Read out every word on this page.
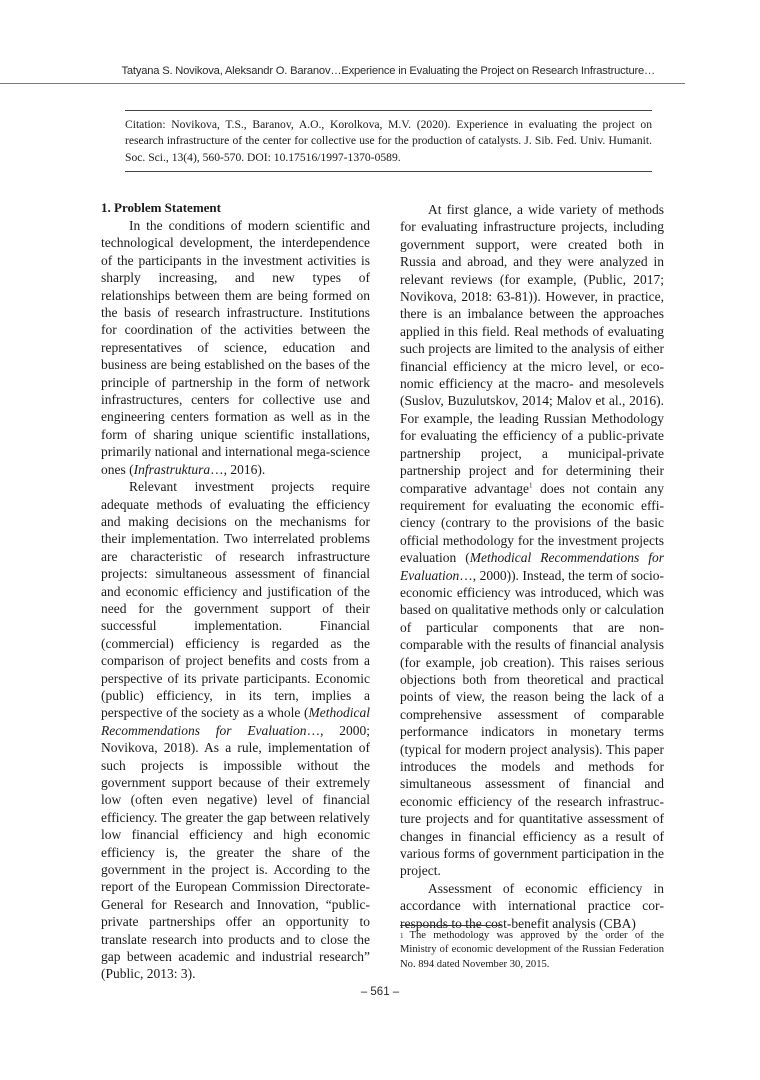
Tatyana S. Novikova, Aleksandr O. Baranov…Experience in Evaluating the Project on Research Infrastructure…
Citation: Novikova, T.S., Baranov, A.O., Korolkova, M.V. (2020). Experience in evaluating the project on research infrastructure of the center for collective use for the production of catalysts. J. Sib. Fed. Univ. Humanit. Soc. Sci., 13(4), 560-570. DOI: 10.17516/1997-1370-0589.
1. Problem Statement

In the conditions of modern scientific and technological development, the interdependence of the participants in the investment activities is sharply increasing, and new types of relationships between them are being formed on the basis of research infrastructure. Institutions for coordination of the activities between the representatives of science, education and business are being established on the bases of the principle of partnership in the form of network infrastructures, centers for collective use and engineering centers formation as well as in the form of sharing unique scientific installations, primarily national and international mega-science ones (Infrastruktura…, 2016).

Relevant investment projects require adequate methods of evaluating the efficiency and making decisions on the mechanisms for their implementation. Two interrelated problems are characteristic of research infrastructure projects: simultaneous assessment of financial and economic efficiency and justification of the need for the government support of their successful implementation. Financial (commercial) efficiency is regarded as the comparison of project benefits and costs from a perspective of its private participants. Economic (public) efficiency, in its tern, implies a perspective of the society as a whole (Methodical Recommendations for Evaluation…, 2000; Novikova, 2018). As a rule, implementation of such projects is impossible without the government support because of their extremely low (often even negative) level of financial efficiency. The greater the gap between relatively low financial efficiency and high economic efficiency is, the greater the share of the government in the project is. According to the report of the European Commission Directorate-General for Research and Innovation, “public-private partnerships offer an opportunity to translate research into products and to close the gap between academic and industrial research” (Public, 2013: 3).

At first glance, a wide variety of methods for evaluating infrastructure projects, including government support, were created both in Russia and abroad, and they were analyzed in relevant reviews (for example, (Public, 2017; Novikova, 2018: 63-81)). However, in practice, there is an imbalance between the approaches applied in this field. Real methods of evaluating such projects are limited to the analysis of either financial efficiency at the micro level, or economic efficiency at the macro- and mesolevels (Suslov, Buzulutskov, 2014; Malov et al., 2016). For example, the leading Russian Methodology for evaluating the efficiency of a public-private partnership project, a municipal-private partnership project and for determining their comparative advantage$^1$ does not contain any requirement for evaluating the economic efficiency (contrary to the provisions of the basic official methodology for the investment projects evaluation (Methodical Recommendations for Evaluation…, 2000)). Instead, the term of socio-economic efficiency was introduced, which was based on qualitative methods only or calculation of particular components that are non-comparable with the results of financial analysis (for example, job creation). This raises serious objections both from theoretical and practical points of view, the reason being the lack of a comprehensive assessment of comparable performance indicators in monetary terms (typical for modern project analysis). This paper introduces the models and methods for simultaneous assessment of financial and economic efficiency of the research infrastructure projects and for quantitative assessment of changes in financial efficiency as a result of various forms of government participation in the project.

Assessment of economic efficiency in accordance with international practice corresponds to the cost-benefit analysis (CBA)

$^1$ The methodology was approved by the order of the Ministry of economic development of the Russian Federation No. 894 dated November 30, 2015.
– 561 –
